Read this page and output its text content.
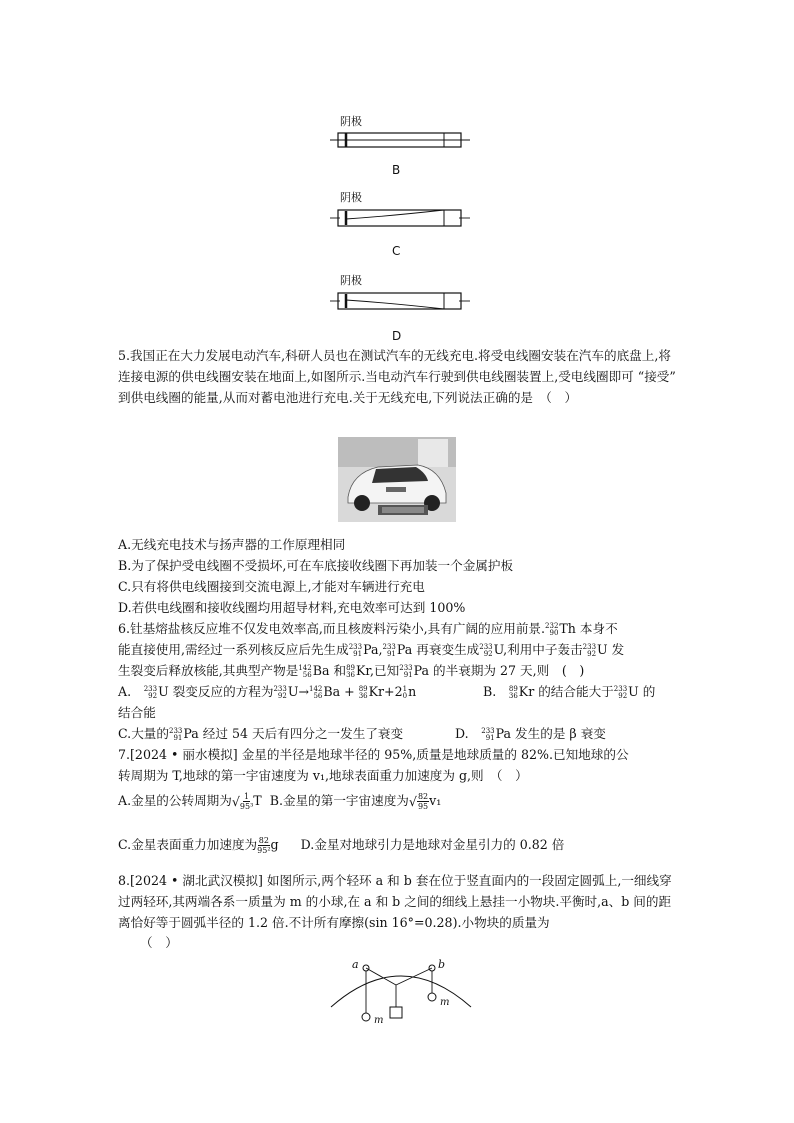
阴极
B
阴极
C
阴极
D
5.我国正在大力发展电动汽车,科研人员也在测试汽车的无线充电.将受电线圈安装在汽车的底盘上,将连接电源的供电线圈安装在地面上,如图所示.当电动汽车行驶到供电线圈装置上,受电线圈即可 “接受” 到供电线圈的能量,从而对蓄电池进行充电.关于无线充电,下列说法正确的是　（　）
A.无线充电技术与扬声器的工作原理相同
B.为了保护受电线圈不受损坏,可在车底接收线圈下再加装一个金属护板
C.只有将供电线圈接到交流电源上,才能对车辆进行充电
D.若供电线圈和接收线圈均用超导材料,充电效率可达到 100%
6.钍基熔盐核反应堆不仅发电效率高,而且核废料污染小,具有广阔的应用前景. 232
90 Th 本身不
能直接使用,需经过一系列核反应后先生成 233
91 Pa, 233
91 Pa 再衰变生成 233
92 U,利用中子轰击 233
92 U 发
生裂变后释放核能,其典型产物是 142
56 Ba 和 89
36 Kr,已知 233
91 Pa 的半衰期为 27 天,则　(　)
A.　 233
92 U 裂变反应的方程为 233
92 U→ 142
56 Ba + 89
36 Kr+2 1
0 n	B.　 89
36 Kr 的结合能大于 233
92 U 的
结合能
C.大量的 233
91 Pa 经过 54 天后有四分之一发生了衰变	D.　 233
91 Pa 发生的是 β 衰变
7.[2024 • 丽水模拟] 金星的半径是地球半径的 95%,质量是地球质量的 82%.已知地球的公
转周期为 T,地球的第一宇宙速度为 v₁,地球表面重力加速度为 g,则　（　）
A.金星的公转周期为√ $\frac{1}{\text{95³}}$ T B.金星的第一宇宙速度为√ $\frac{82}{95} v_1$
C.金星表面重力加速度为 $\frac{82}{\text{95²}}$ g D.金星对地球引力是地球对金星引力的 0.82 倍
8.[2024 • 湖北武汉模拟] 如图所示,两个轻环 a 和 b 套在位于竖直面内的一段固定圆弧上,一细线穿过两轻环,其两端各系一质量为 m 的小球,在 a 和 b 之间的细线上悬挂一小物块.平衡时,a、b 间的距离恰好等于圆弧半径的 1.2 倍.不计所有摩擦(sin 16°=0.28).小物块的质量为
（　）
a	b
m
m
